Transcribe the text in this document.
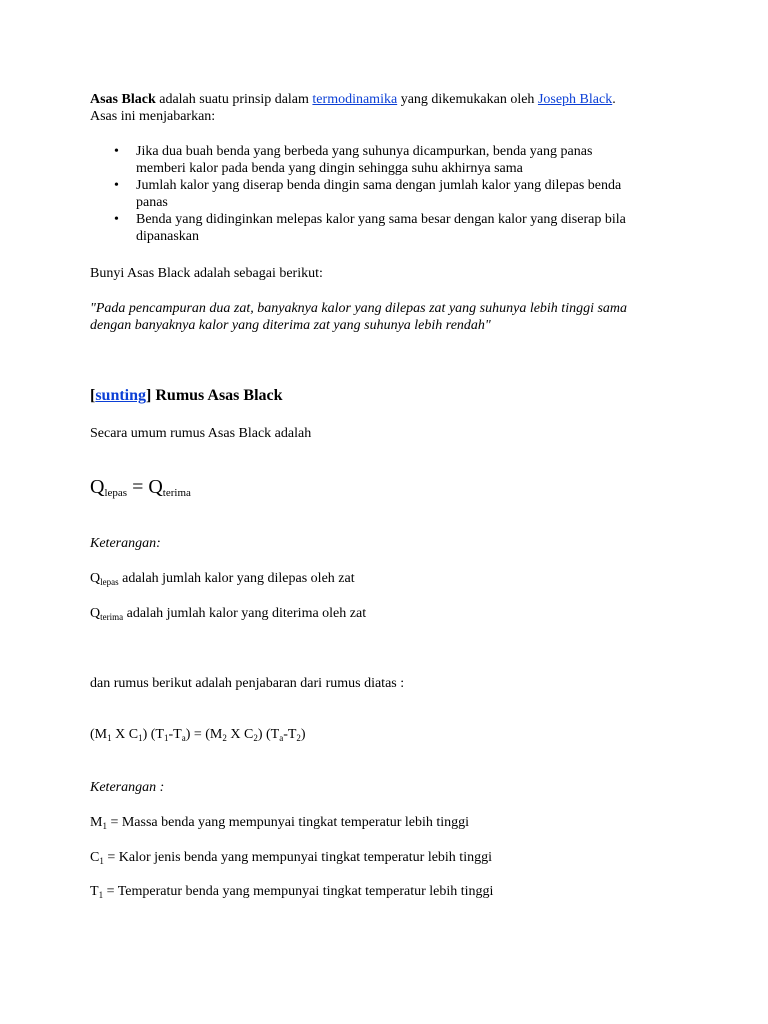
Asas Black adalah suatu prinsip dalam termodinamika yang dikemukakan oleh Joseph Black.
Asas ini menjabarkan:
• Jika dua buah benda yang berbeda yang suhunya dicampurkan, benda yang panas
memberi kalor pada benda yang dingin sehingga suhu akhirnya sama
• Jumlah kalor yang diserap benda dingin sama dengan jumlah kalor yang dilepas benda
panas
• Benda yang didinginkan melepas kalor yang sama besar dengan kalor yang diserap bila
dipanaskan

Bunyi Asas Black adalah sebagai berikut:

"Pada pencampuran dua zat, banyaknya kalor yang dilepas zat yang suhunya lebih tinggi sama
dengan banyaknya kalor yang diterima zat yang suhunya lebih rendah"
[sunting] Rumus Asas Black

Secara umum rumus Asas Black adalah

$Q_{lepas} = Q_{terima}$

Keterangan:

$Q_{lepas}$ adalah jumlah kalor yang dilepas oleh zat

$Q_{terima}$ adalah jumlah kalor yang diterima oleh zat

dan rumus berikut adalah penjabaran dari rumus diatas :

($M_1$ X $C_1$) $(T_1-T_a) = (M_2$ X $C_2$) $(T_a-T_2)$

Keterangan :

$M_1$ = Massa benda yang mempunyai tingkat temperatur lebih tinggi

$C_1$ = Kalor jenis benda yang mempunyai tingkat temperatur lebih tinggi

$T_1$ = Temperatur benda yang mempunyai tingkat temperatur lebih tinggi
